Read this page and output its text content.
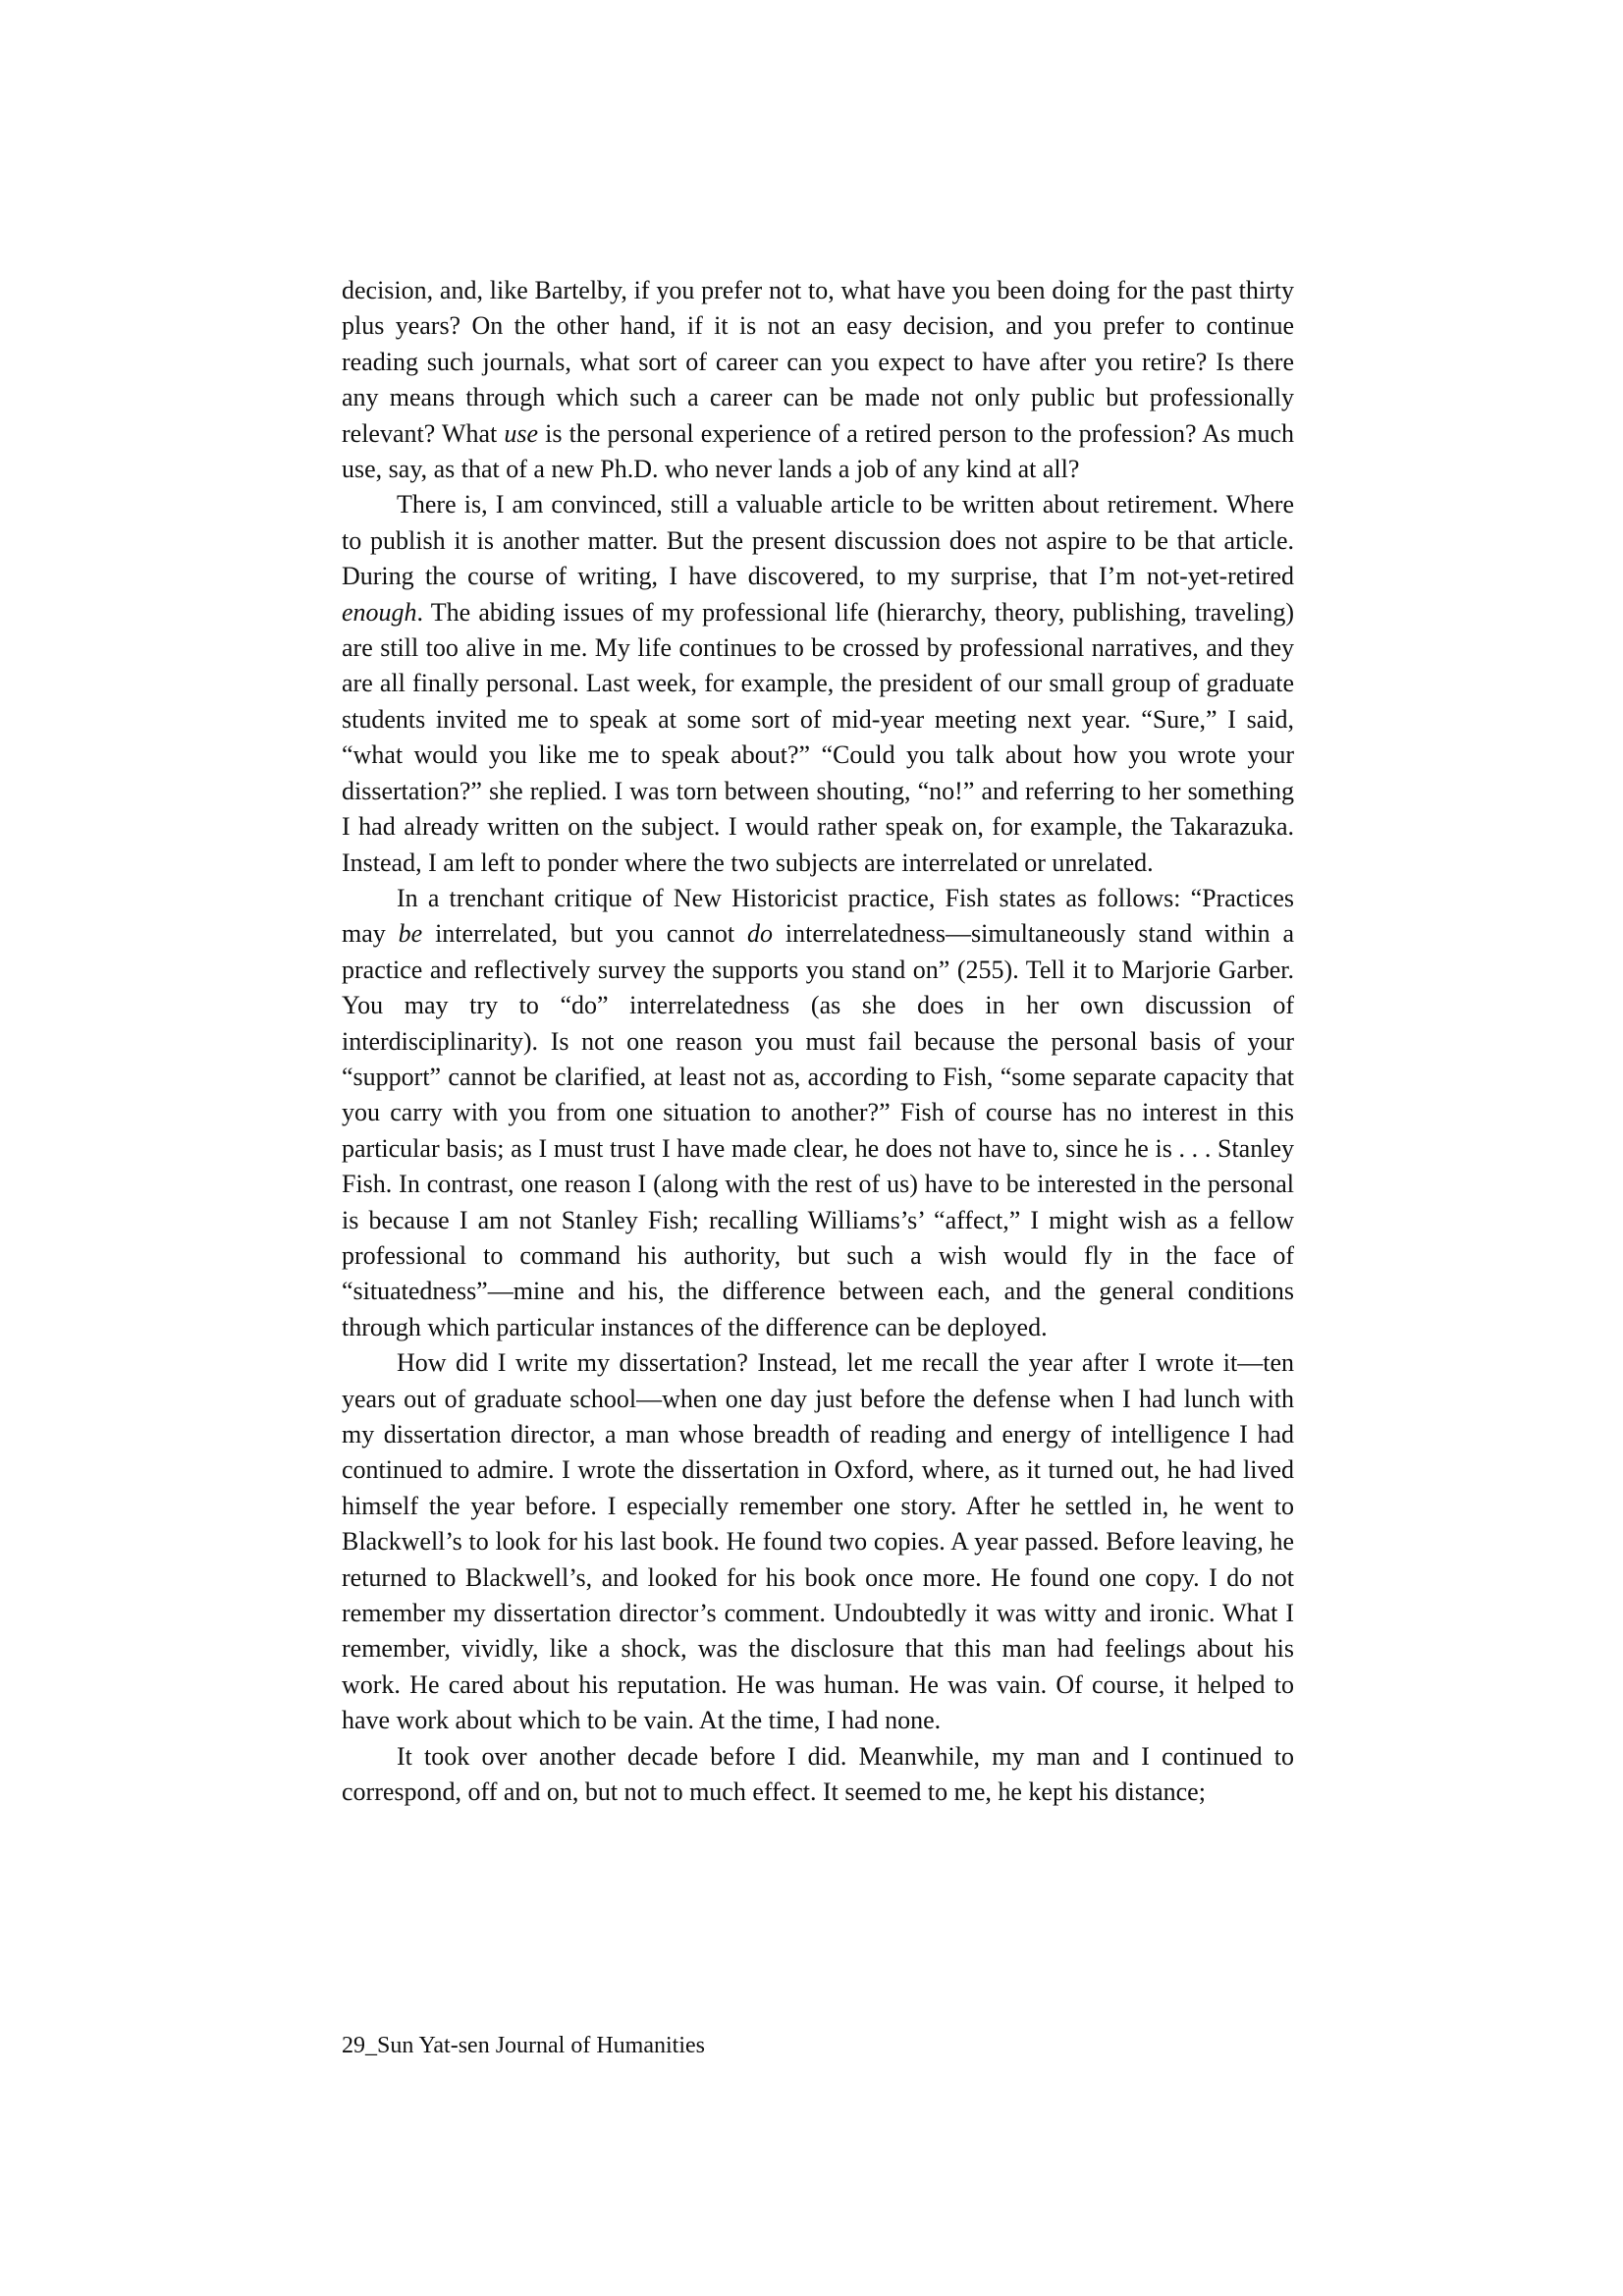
decision, and, like Bartelby, if you prefer not to, what have you been doing for the past thirty plus years? On the other hand, if it is not an easy decision, and you prefer to continue reading such journals, what sort of career can you expect to have after you retire? Is there any means through which such a career can be made not only public but professionally relevant? What use is the personal experience of a retired person to the profession? As much use, say, as that of a new Ph.D. who never lands a job of any kind at all?

There is, I am convinced, still a valuable article to be written about retirement. Where to publish it is another matter. But the present discussion does not aspire to be that article. During the course of writing, I have discovered, to my surprise, that I’m not-yet-retired enough. The abiding issues of my professional life (hierarchy, theory, publishing, traveling) are still too alive in me. My life continues to be crossed by professional narratives, and they are all finally personal. Last week, for example, the president of our small group of graduate students invited me to speak at some sort of mid-year meeting next year. “Sure,” I said, “what would you like me to speak about?” “Could you talk about how you wrote your dissertation?” she replied. I was torn between shouting, “no!” and referring to her something I had already written on the subject. I would rather speak on, for example, the Takarazuka. Instead, I am left to ponder where the two subjects are interrelated or unrelated.

In a trenchant critique of New Historicist practice, Fish states as follows: “Practices may be interrelated, but you cannot do interrelatedness—simultaneously stand within a practice and reflectively survey the supports you stand on” (255). Tell it to Marjorie Garber. You may try to “do” interrelatedness (as she does in her own discussion of interdisciplinarity). Is not one reason you must fail because the personal basis of your “support” cannot be clarified, at least not as, according to Fish, “some separate capacity that you carry with you from one situation to another?” Fish of course has no interest in this particular basis; as I must trust I have made clear, he does not have to, since he is . . . Stanley Fish. In contrast, one reason I (along with the rest of us) have to be interested in the personal is because I am not Stanley Fish; recalling Williams’s’ “affect,” I might wish as a fellow professional to command his authority, but such a wish would fly in the face of “situatedness”—mine and his, the difference between each, and the general conditions through which particular instances of the difference can be deployed.

How did I write my dissertation? Instead, let me recall the year after I wrote it—ten years out of graduate school—when one day just before the defense when I had lunch with my dissertation director, a man whose breadth of reading and energy of intelligence I had continued to admire. I wrote the dissertation in Oxford, where, as it turned out, he had lived himself the year before. I especially remember one story. After he settled in, he went to Blackwell’s to look for his last book. He found two copies. A year passed. Before leaving, he returned to Blackwell’s, and looked for his book once more. He found one copy. I do not remember my dissertation director’s comment. Undoubtedly it was witty and ironic. What I remember, vividly, like a shock, was the disclosure that this man had feelings about his work. He cared about his reputation. He was human. He was vain. Of course, it helped to have work about which to be vain. At the time, I had none.

It took over another decade before I did. Meanwhile, my man and I continued to correspond, off and on, but not to much effect. It seemed to me, he kept his distance;

29_Sun Yat-sen Journal of Humanities
